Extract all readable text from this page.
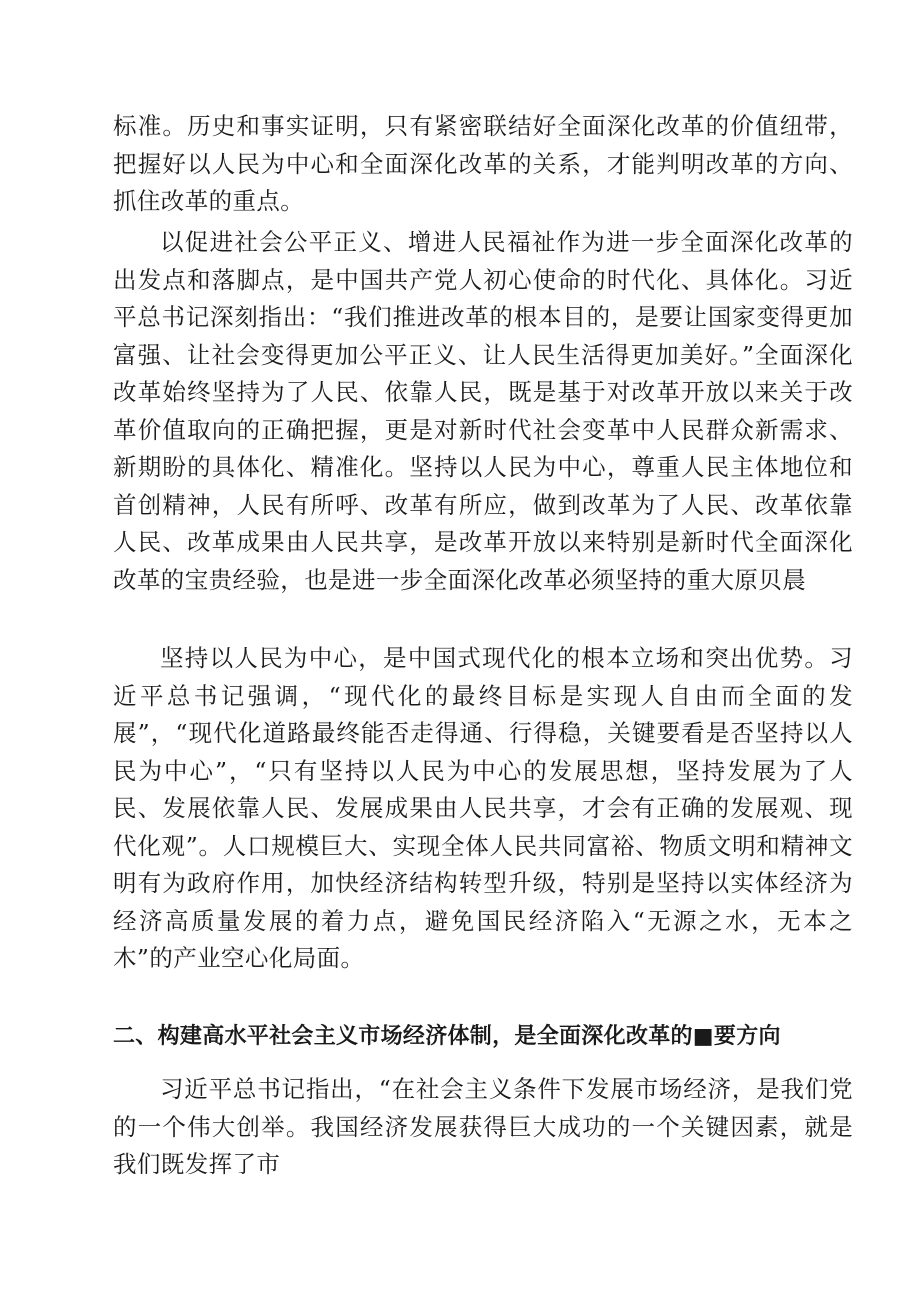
标准。历史和事实证明，只有紧密联结好全面深化改革的价值纽带，把握好以人民为中心和全面深化改革的关系，才能判明改革的方向、抓住改革的重点。

以促进社会公平正义、增进人民福祉作为进一步全面深化改革的出发点和落脚点，是中国共产党人初心使命的时代化、具体化。习近平总书记深刻指出：“我们推进改革的根本目的，是要让国家变得更加富强、让社会变得更加公平正义、让人民生活得更加美好。”全面深化改革始终坚持为了人民、依靠人民，既是基于对改革开放以来关于改革价值取向的正确把握，更是对新时代社会变革中人民群众新需求、新期盼的具体化、精准化。坚持以人民为中心，尊重人民主体地位和首创精神，人民有所呼、改革有所应，做到改革为了人民、改革依靠人民、改革成果由人民共享，是改革开放以来特别是新时代全面深化改革的宝贵经验，也是进一步全面深化改革必须坚持的重大原贝晨

坚持以人民为中心，是中国式现代化的根本立场和突出优势。习近平总书记强调，“现代化的最终目标是实现人自由而全面的发展”，“现代化道路最终能否走得通、行得稳，关键要看是否坚持以人民为中心”，“只有坚持以人民为中心的发展思想，坚持发展为了人民、发展依靠人民、发展成果由人民共享，才会有正确的发展观、现代化观”。人口规模巨大、实现全体人民共同富裕、物质文明和精神文明有为政府作用，加快经济结构转型升级，特别是坚持以实体经济为经济高质量发展的着力点，避免国民经济陷入“无源之水，无本之木”的产业空心化局面。

二、构建高水平社会主义市场经济体制，是全面深化改革的■要方向

习近平总书记指出，“在社会主义条件下发展市场经济，是我们党的一个伟大创举。我国经济发展获得巨大成功的一个关键因素，就是我们既发挥了市
